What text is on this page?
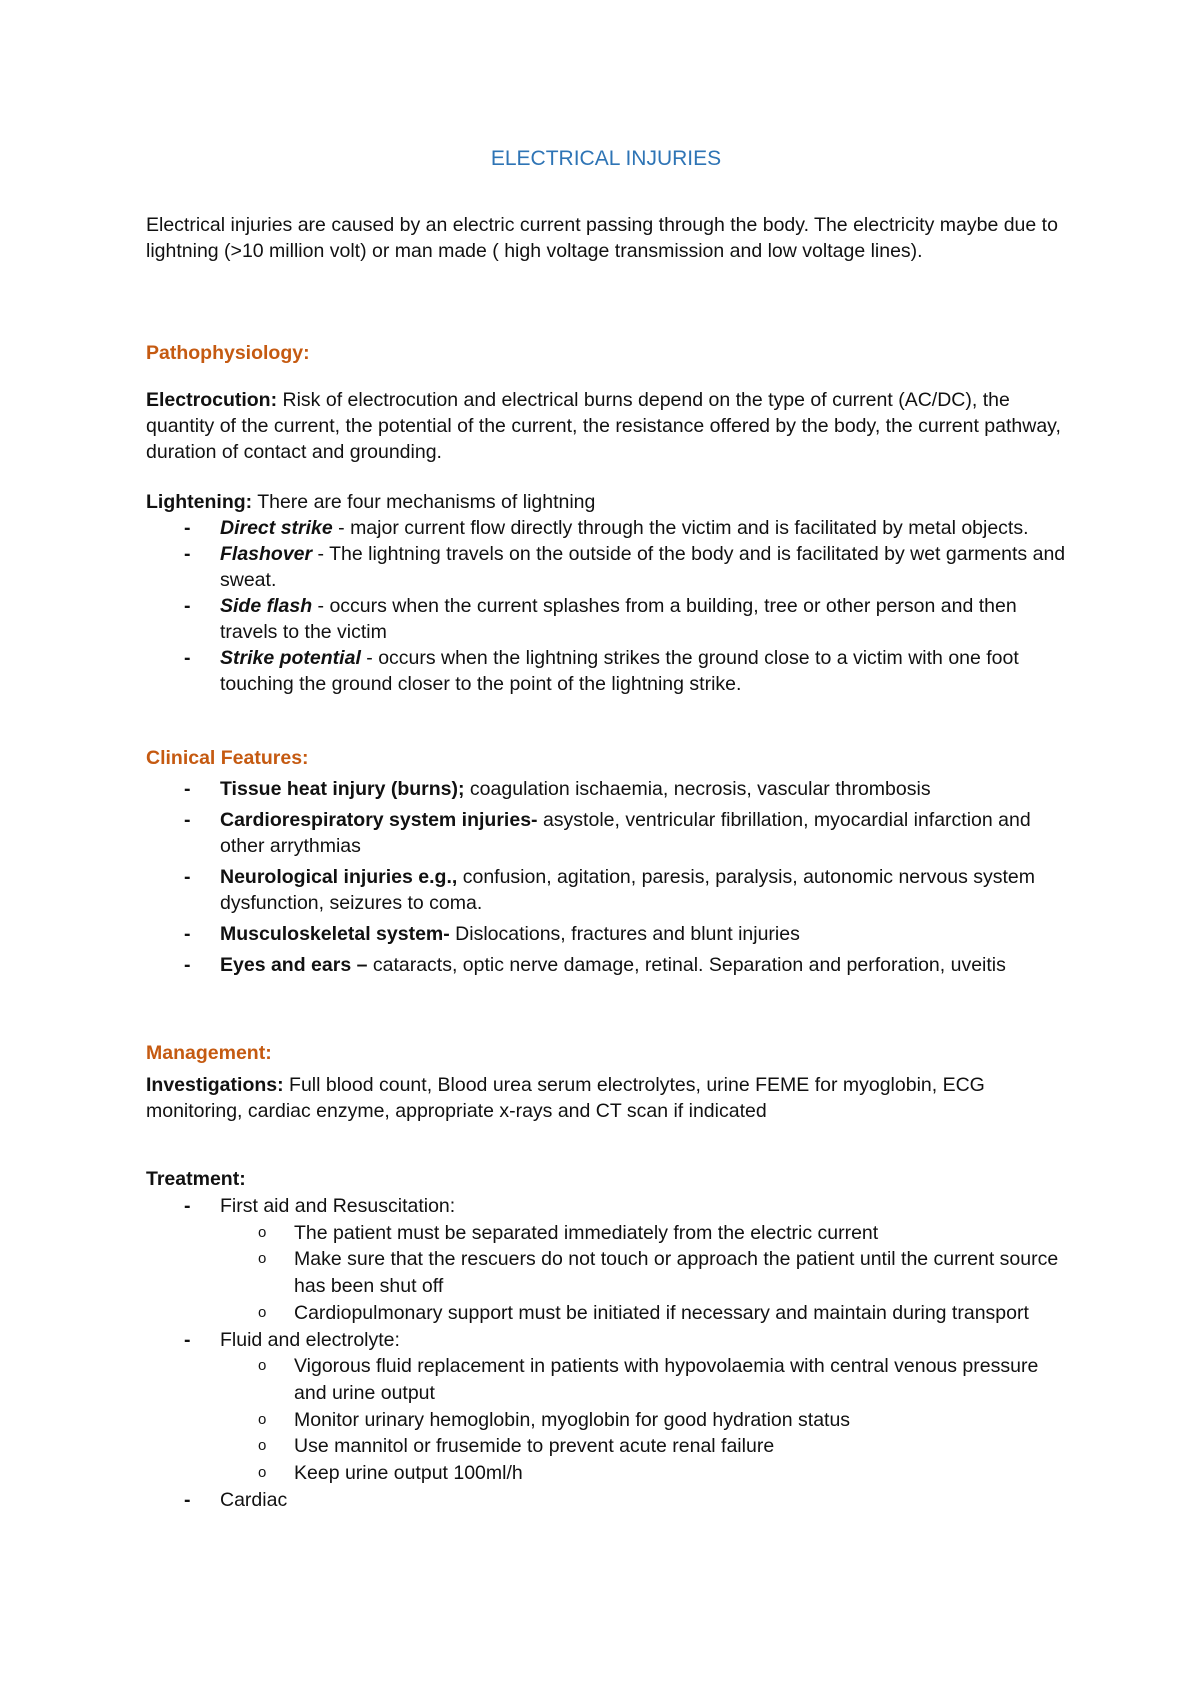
ELECTRICAL INJURIES

Electrical injuries are caused by an electric current passing through the body. The electricity maybe due to lightning (>10 million volt) or man made ( high voltage transmission and low voltage lines).

Pathophysiology:

Electrocution: Risk of electrocution and electrical burns depend on the type of current (AC/DC), the quantity of the current, the potential of the current, the resistance offered by the body, the current pathway, duration of contact and grounding.

Lightening: There are four mechanisms of lightning

- Direct strike - major current flow directly through the victim and is facilitated by metal objects.
- Flashover - The lightning travels on the outside of the body and is facilitated by wet garments and sweat.
- Side flash - occurs when the current splashes from a building, tree or other person and then travels to the victim
- Strike potential - occurs when the lightning strikes the ground close to a victim with one foot touching the ground closer to the point of the lightning strike.

Clinical Features:

- Tissue heat injury (burns); coagulation ischaemia, necrosis, vascular thrombosis
- Cardiorespiratory system injuries- asystole, ventricular fibrillation, myocardial infarction and other arrythmias
- Neurological injuries e.g., confusion, agitation, paresis, paralysis, autonomic nervous system dysfunction, seizures to coma.
- Musculoskeletal system- Dislocations, fractures and blunt injuries
- Eyes and ears – cataracts, optic nerve damage, retinal. Separation and perforation, uveitis

Management:

Investigations: Full blood count, Blood urea serum electrolytes, urine FEME for myoglobin, ECG monitoring, cardiac enzyme, appropriate x-rays and CT scan if indicated

Treatment:

- First aid and Resuscitation:
o The patient must be separated immediately from the electric current
o Make sure that the rescuers do not touch or approach the patient until the current source has been shut off
o Cardiopulmonary support must be initiated if necessary and maintain during transport
- Fluid and electrolyte:
o Vigorous fluid replacement in patients with hypovolaemia with central venous pressure and urine output
o Monitor urinary hemoglobin, myoglobin for good hydration status
o Use mannitol or frusemide to prevent acute renal failure
o Keep urine output 100ml/h
- Cardiac
